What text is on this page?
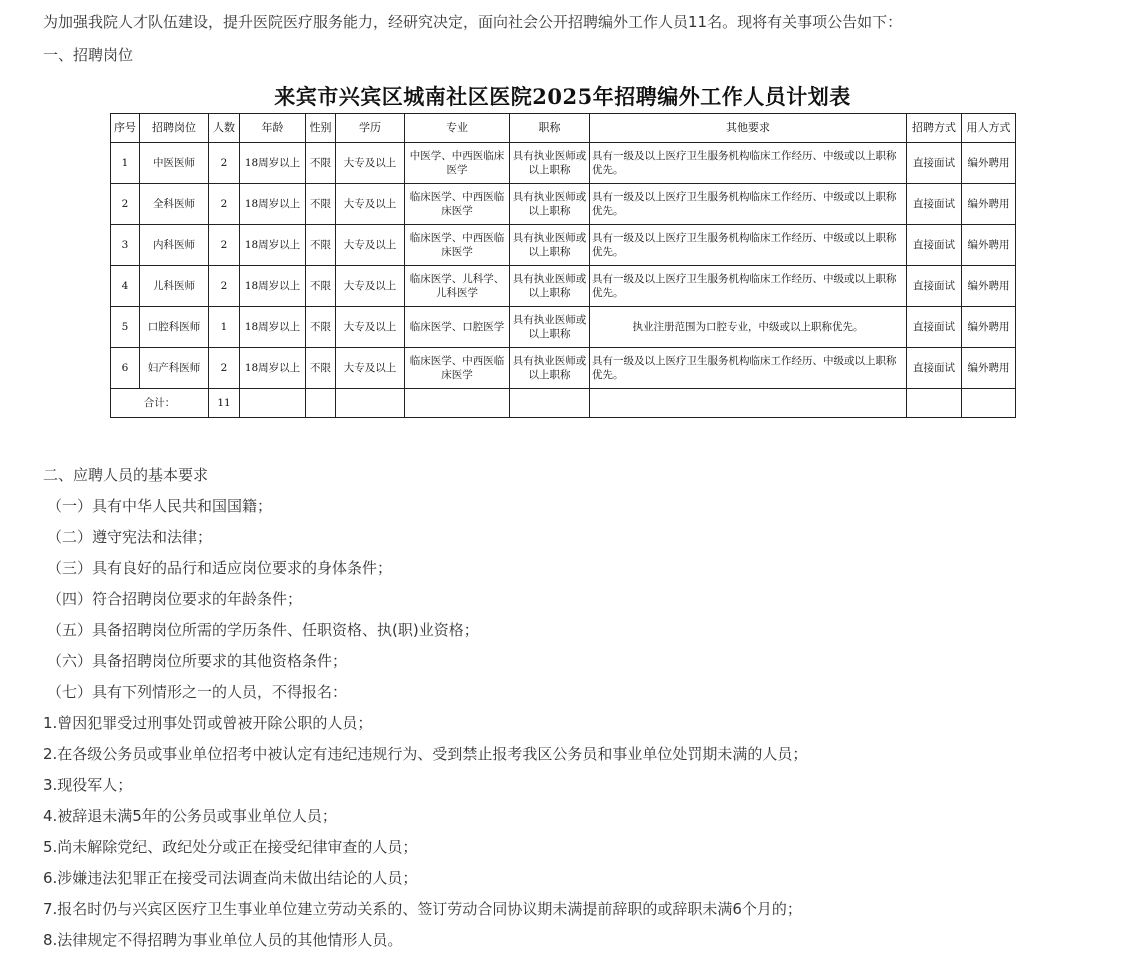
为加强我院人才队伍建设，提升医院医疗服务能力，经研究决定，面向社会公开招聘编外工作人员11名。现将有关事项公告如下：
一、招聘岗位
来宾市兴宾区城南社区医院2025年招聘编外工作人员计划表
序号	招聘岗位	人数	年龄	性别	学历	专业	职称	其他要求	招聘方式	用人方式
1	中医医师	2	18周岁以上	不限	大专及以上	中医学、中西医临床医学	具有执业医师或以上职称	具有一级及以上医疗卫生服务机构临床工作经历、中级或以上职称优先。	直接面试	编外聘用
2	全科医师	2	18周岁以上	不限	大专及以上	临床医学、中西医临床医学	具有执业医师或以上职称	具有一级及以上医疗卫生服务机构临床工作经历、中级或以上职称优先。	直接面试	编外聘用
3	内科医师	2	18周岁以上	不限	大专及以上	临床医学、中西医临床医学	具有执业医师或以上职称	具有一级及以上医疗卫生服务机构临床工作经历、中级或以上职称优先。	直接面试	编外聘用
4	儿科医师	2	18周岁以上	不限	大专及以上	临床医学、儿科学、儿科医学	具有执业医师或以上职称	具有一级及以上医疗卫生服务机构临床工作经历、中级或以上职称优先。	直接面试	编外聘用
5	口腔科医师	1	18周岁以上	不限	大专及以上	临床医学、口腔医学	具有执业医师或以上职称	执业注册范围为口腔专业，中级或以上职称优先。	直接面试	编外聘用
6	妇产科医师	2	18周岁以上	不限	大专及以上	临床医学、中西医临床医学	具有执业医师或以上职称	具有一级及以上医疗卫生服务机构临床工作经历、中级或以上职称优先。	直接面试	编外聘用
合计：		11								
二、应聘人员的基本要求
（一）具有中华人民共和国国籍；
（二）遵守宪法和法律；
（三）具有良好的品行和适应岗位要求的身体条件；
（四）符合招聘岗位要求的年龄条件；
（五）具备招聘岗位所需的学历条件、任职资格、执(职)业资格；
（六）具备招聘岗位所要求的其他资格条件；
（七）具有下列情形之一的人员，不得报名：
1.曾因犯罪受过刑事处罚或曾被开除公职的人员；
2.在各级公务员或事业单位招考中被认定有违纪违规行为、受到禁止报考我区公务员和事业单位处罚期未满的人员；
3.现役军人；
4.被辞退未满5年的公务员或事业单位人员；
5.尚未解除党纪、政纪处分或正在接受纪律审查的人员；
6.涉嫌违法犯罪正在接受司法调查尚未做出结论的人员；
7.报名时仍与兴宾区医疗卫生事业单位建立劳动关系的、签订劳动合同协议期未满提前辞职的或辞职未满6个月的；
8.法律规定不得招聘为事业单位人员的其他情形人员。
